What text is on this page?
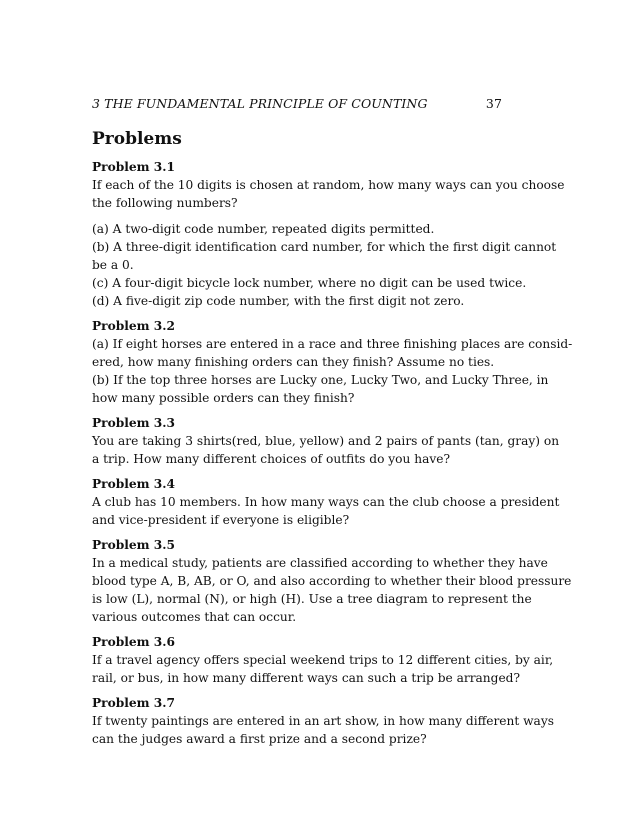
3 THE FUNDAMENTAL PRINCIPLE OF COUNTING	37
Problems
Problem 3.1
If each of the 10 digits is chosen at random, how many ways can you choose
the following numbers?
(a) A two-digit code number, repeated digits permitted.
(b) A three-digit identification card number, for which the first digit cannot
be a 0.
(c) A four-digit bicycle lock number, where no digit can be used twice.
(d) A five-digit zip code number, with the first digit not zero.
Problem 3.2
(a) If eight horses are entered in a race and three finishing places are consid-
ered, how many finishing orders can they finish? Assume no ties.
(b) If the top three horses are Lucky one, Lucky Two, and Lucky Three, in
how many possible orders can they finish?
Problem 3.3
You are taking 3 shirts(red, blue, yellow) and 2 pairs of pants (tan, gray) on
a trip. How many different choices of outfits do you have?
Problem 3.4
A club has 10 members. In how many ways can the club choose a president
and vice-president if everyone is eligible?
Problem 3.5
In a medical study, patients are classified according to whether they have
blood type A, B, AB, or O, and also according to whether their blood pressure
is low (L), normal (N), or high (H). Use a tree diagram to represent the
various outcomes that can occur.
Problem 3.6
If a travel agency offers special weekend trips to 12 different cities, by air,
rail, or bus, in how many different ways can such a trip be arranged?
Problem 3.7
If twenty paintings are entered in an art show, in how many different ways
can the judges award a first prize and a second prize?
